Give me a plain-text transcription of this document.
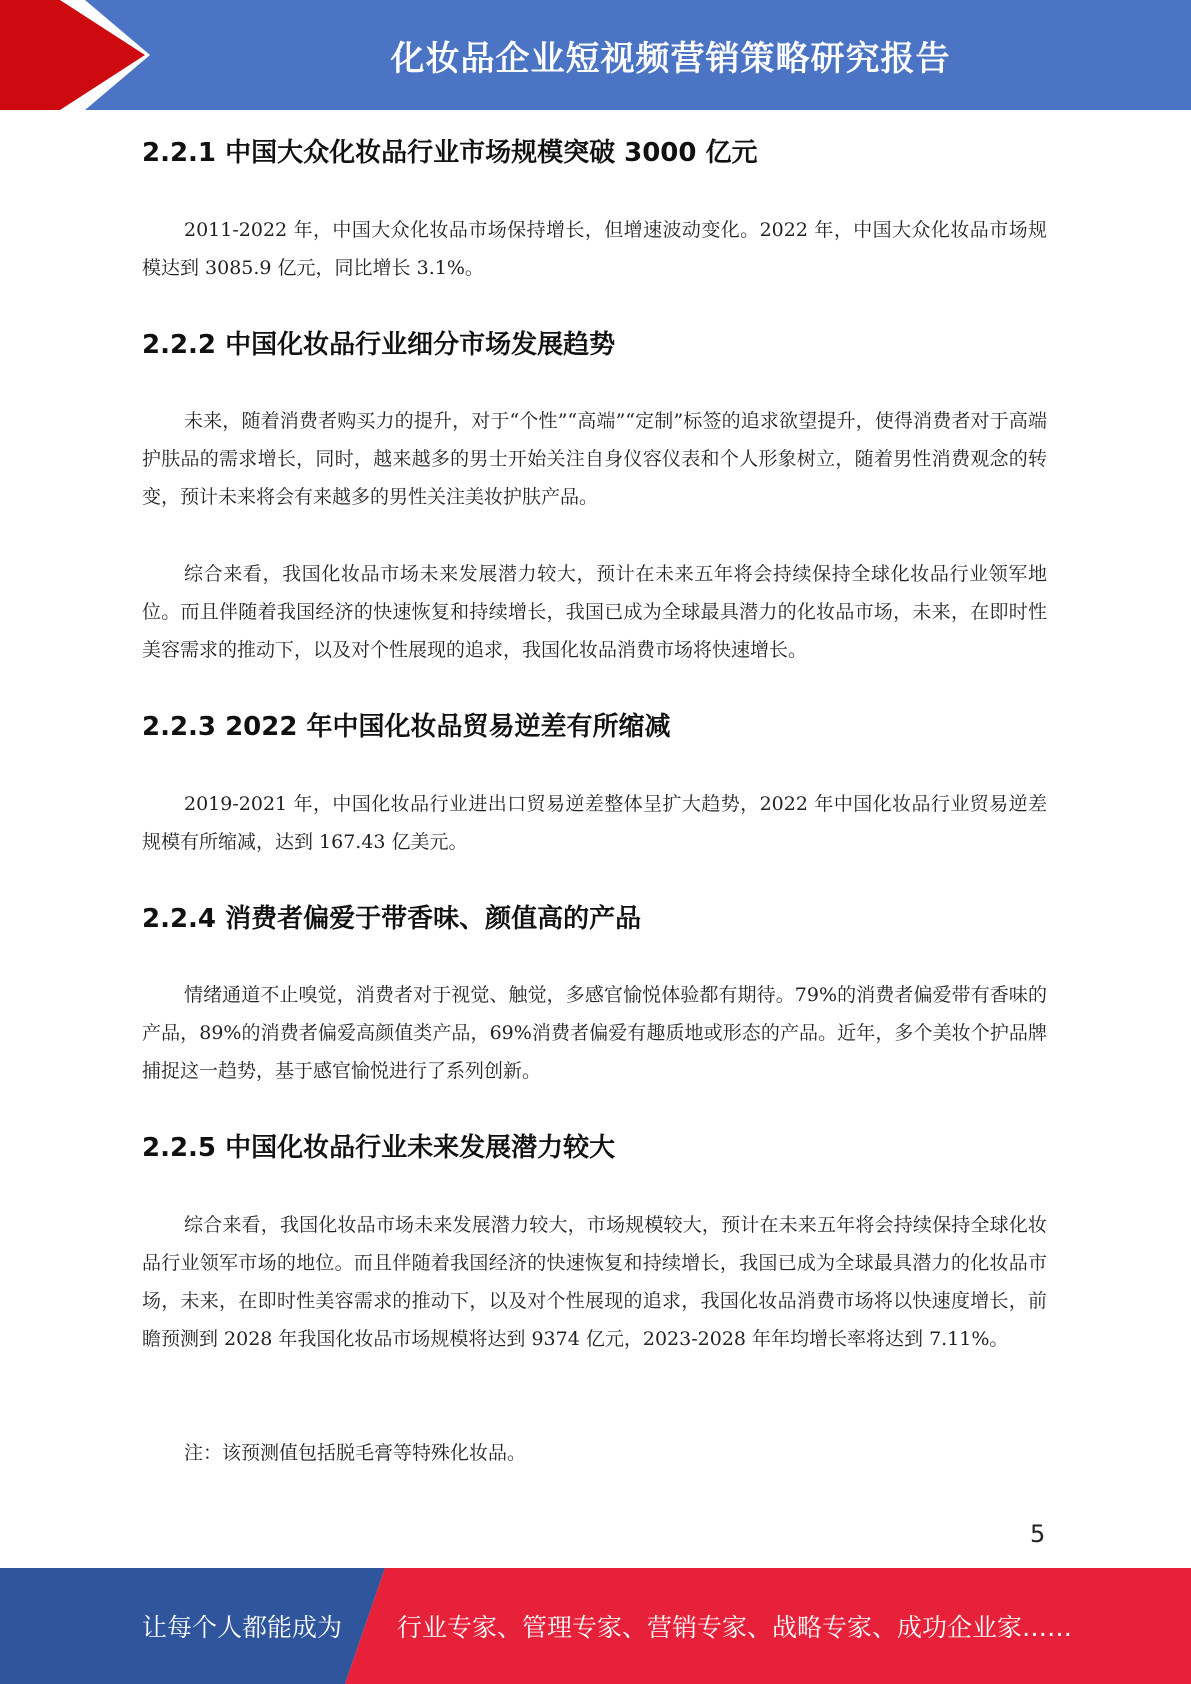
化妆品企业短视频营销策略研究报告
2.2.1 中国大众化妆品行业市场规模突破 3000 亿元

2011-2022 年，中国大众化妆品市场保持增长，但增速波动变化。2022 年，中国大众化妆品市场规模达到 3085.9 亿元，同比增长 3.1%。

2.2.2 中国化妆品行业细分市场发展趋势

未来，随着消费者购买力的提升，对于“个性”“高端”“定制”标签的追求欲望提升，使得消费者对于高端护肤品的需求增长，同时，越来越多的男士开始关注自身仪容仪表和个人形象树立，随着男性消费观念的转变，预计未来将会有来越多的男性关注美妆护肤产品。

综合来看，我国化妆品市场未来发展潜力较大，预计在未来五年将会持续保持全球化妆品行业领军地位。而且伴随着我国经济的快速恢复和持续增长，我国已成为全球最具潜力的化妆品市场，未来，在即时性美容需求的推动下，以及对个性展现的追求，我国化妆品消费市场将快速增长。

2.2.3 2022 年中国化妆品贸易逆差有所缩减

2019-2021 年，中国化妆品行业进出口贸易逆差整体呈扩大趋势，2022 年中国化妆品行业贸易逆差规模有所缩减，达到 167.43 亿美元。

2.2.4 消费者偏爱于带香味、颜值高的产品

情绪通道不止嗅觉，消费者对于视觉、触觉，多感官愉悦体验都有期待。79%的消费者偏爱带有香味的产品，89%的消费者偏爱高颜值类产品，69%消费者偏爱有趣质地或形态的产品。近年，多个美妆个护品牌捕捉这一趋势，基于感官愉悦进行了系列创新。

2.2.5 中国化妆品行业未来发展潜力较大

综合来看，我国化妆品市场未来发展潜力较大，市场规模较大，预计在未来五年将会持续保持全球化妆品行业领军市场的地位。而且伴随着我国经济的快速恢复和持续增长，我国已成为全球最具潜力的化妆品市场，未来，在即时性美容需求的推动下，以及对个性展现的追求，我国化妆品消费市场将以快速度增长，前瞻预测到 2028 年我国化妆品市场规模将达到 9374 亿元，2023-2028 年年均增长率将达到 7.11%。

注：该预测值包括脱毛膏等特殊化妆品。

5
让每个人都能成为 行业专家、管理专家、营销专家、战略专家、成功企业家……
